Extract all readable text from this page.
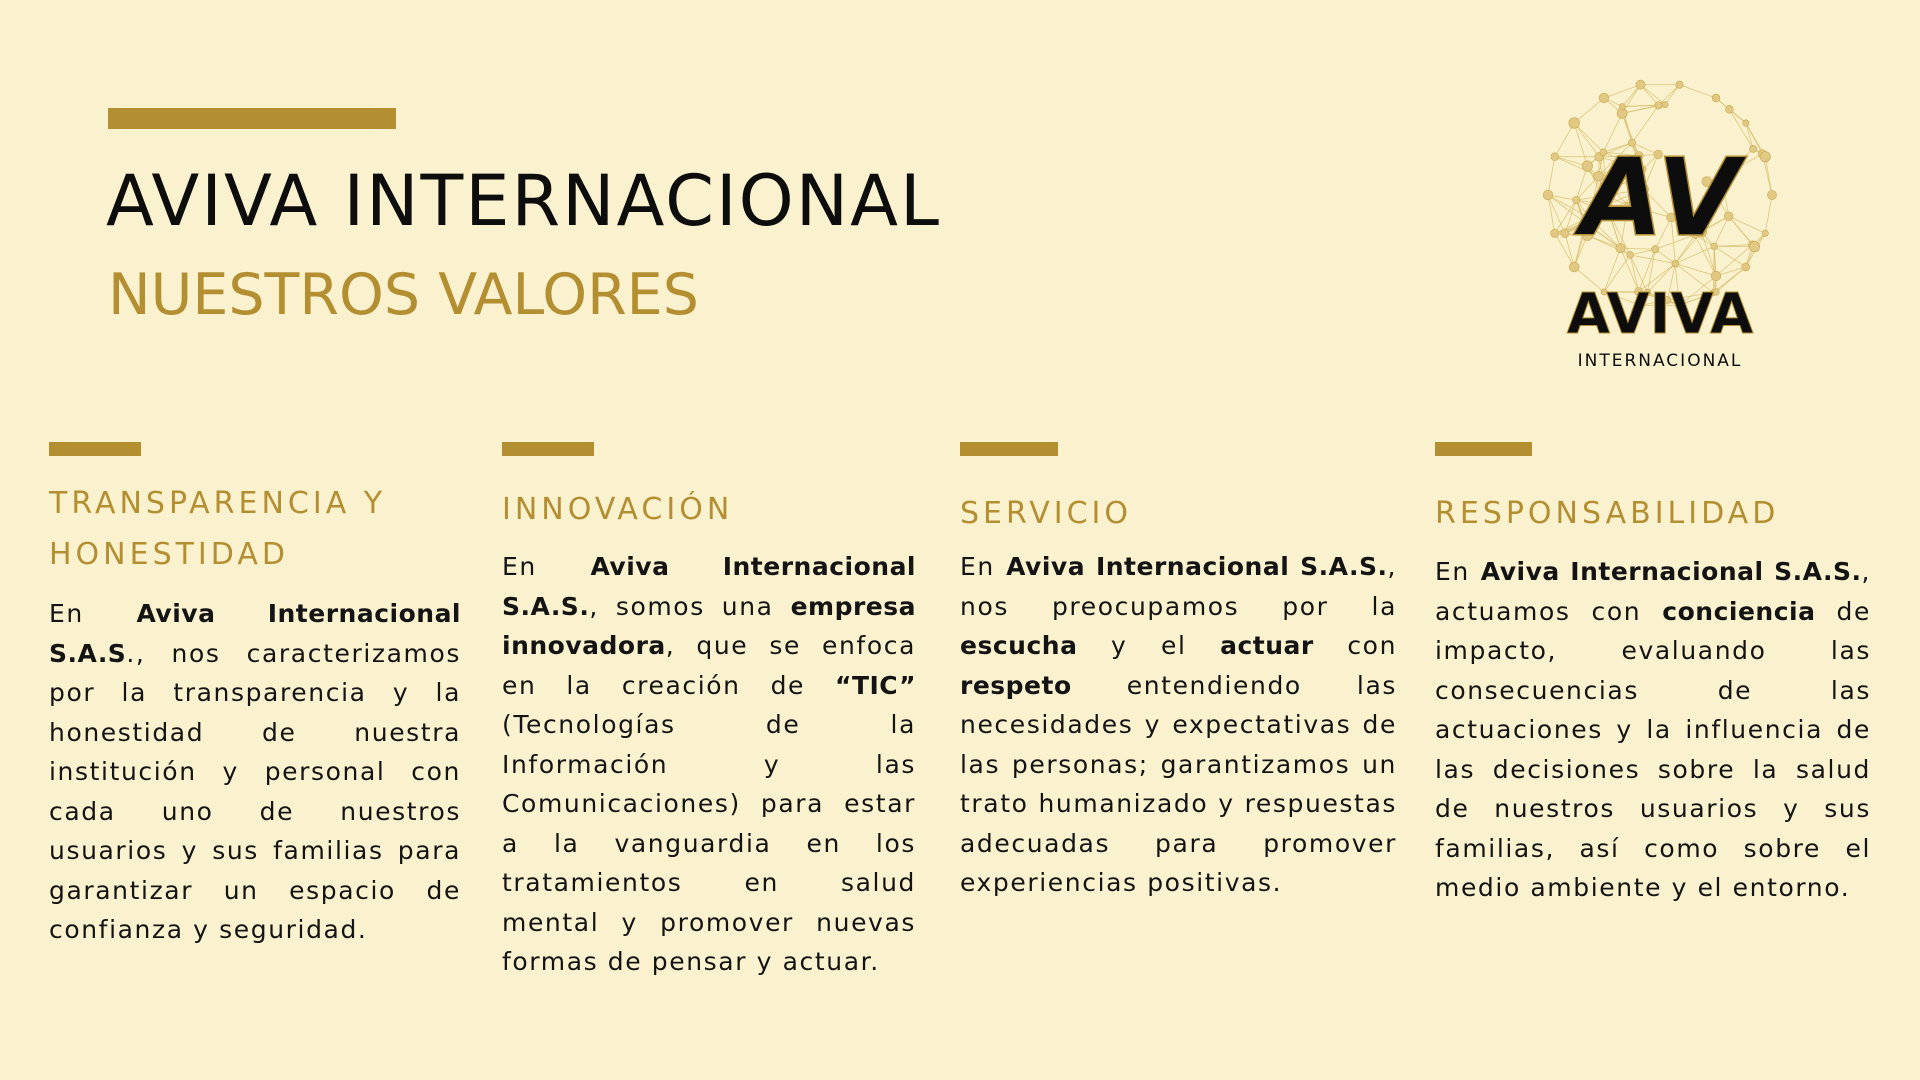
AVIVA INTERNACIONAL
NUESTROS VALORES
AV
AVIVA
INTERNACIONAL
TRANSPARENCIA Y HONESTIDAD
INNOVACIÓN	SERVICIO	RESPONSABILIDAD
En Aviva Internacional S.A.S., nos caracterizamos por la transparencia y la honestidad de nuestra institución y personal con cada uno de nuestros usuarios y sus familias para garantizar un espacio de confianza y seguridad.
En Aviva Internacional S.A.S., somos una empresa innovadora, que se enfoca en la creación de “TIC” (Tecnologías de la Información y las Comunicaciones) para estar a la vanguardia en los tratamientos en salud mental y promover nuevas formas de pensar y actuar.
En Aviva Internacional S.A.S., nos preocupamos por la escucha y el actuar con respeto entendiendo las necesidades y expectativas de las personas; garantizamos un trato humanizado y respuestas adecuadas para promover experiencias positivas.
En Aviva Internacional S.A.S., actuamos con conciencia de impacto, evaluando las consecuencias de las actuaciones y la influencia de las decisiones sobre la salud de nuestros usuarios y sus familias, así como sobre el medio ambiente y el entorno.
